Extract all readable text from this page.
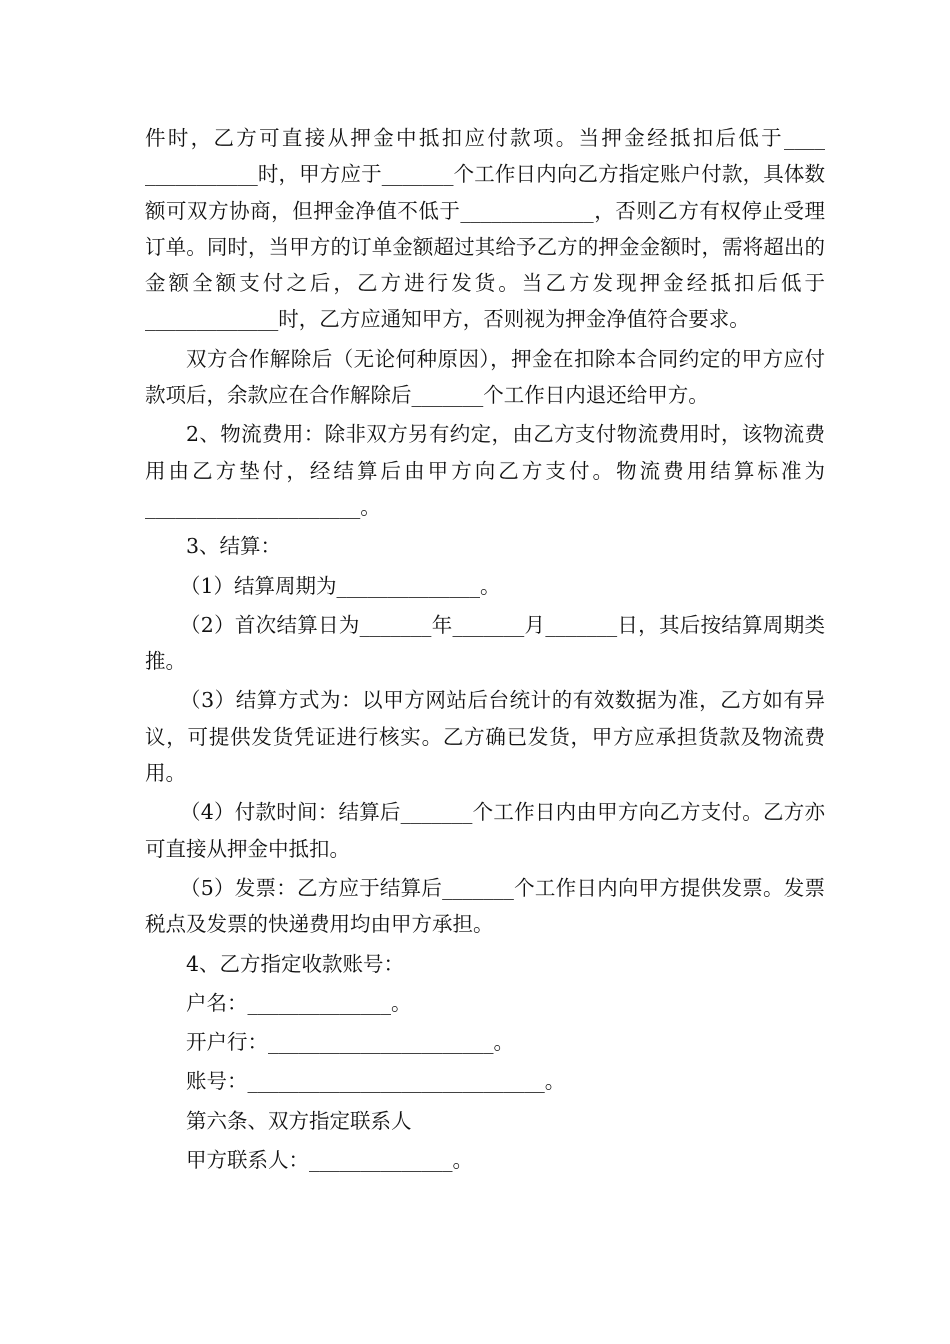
件时，乙方可直接从押金中抵扣应付款项。当押金经抵扣后低于____ ___________时，甲方应于_______个工作日内向乙方指定账户付款，具体数额可双方协商，但押金净值不低于_____________，否则乙方有权停止受理订单。同时，当甲方的订单金额超过其给予乙方的押金金额时，需将超出的金额全额支付之后，乙方进行发货。当乙方发现押金经抵扣后低于_____________时，乙方应通知甲方，否则视为押金净值符合要求。

双方合作解除后（无论何种原因），押金在扣除本合同约定的甲方应付款项后，余款应在合作解除后_______个工作日内退还给甲方。

2、物流费用：除非双方另有约定，由乙方支付物流费用时，该物流费用由乙方垫付，经结算后由甲方向乙方支付。物流费用结算标准为_____________________。

3、结算：

（1）结算周期为______________。

（2）首次结算日为_______年_______月_______日，其后按结算周期类推。

（3）结算方式为：以甲方网站后台统计的有效数据为准，乙方如有异议，可提供发货凭证进行核实。乙方确已发货，甲方应承担货款及物流费用。

（4）付款时间：结算后_______个工作日内由甲方向乙方支付。乙方亦可直接从押金中抵扣。

（5）发票：乙方应于结算后_______个工作日内向甲方提供发票。发票税点及发票的快递费用均由甲方承担。

4、乙方指定收款账号：

户名：______________。

开户行：______________________。

账号：_____________________________。

第六条、双方指定联系人

甲方联系人：______________。
